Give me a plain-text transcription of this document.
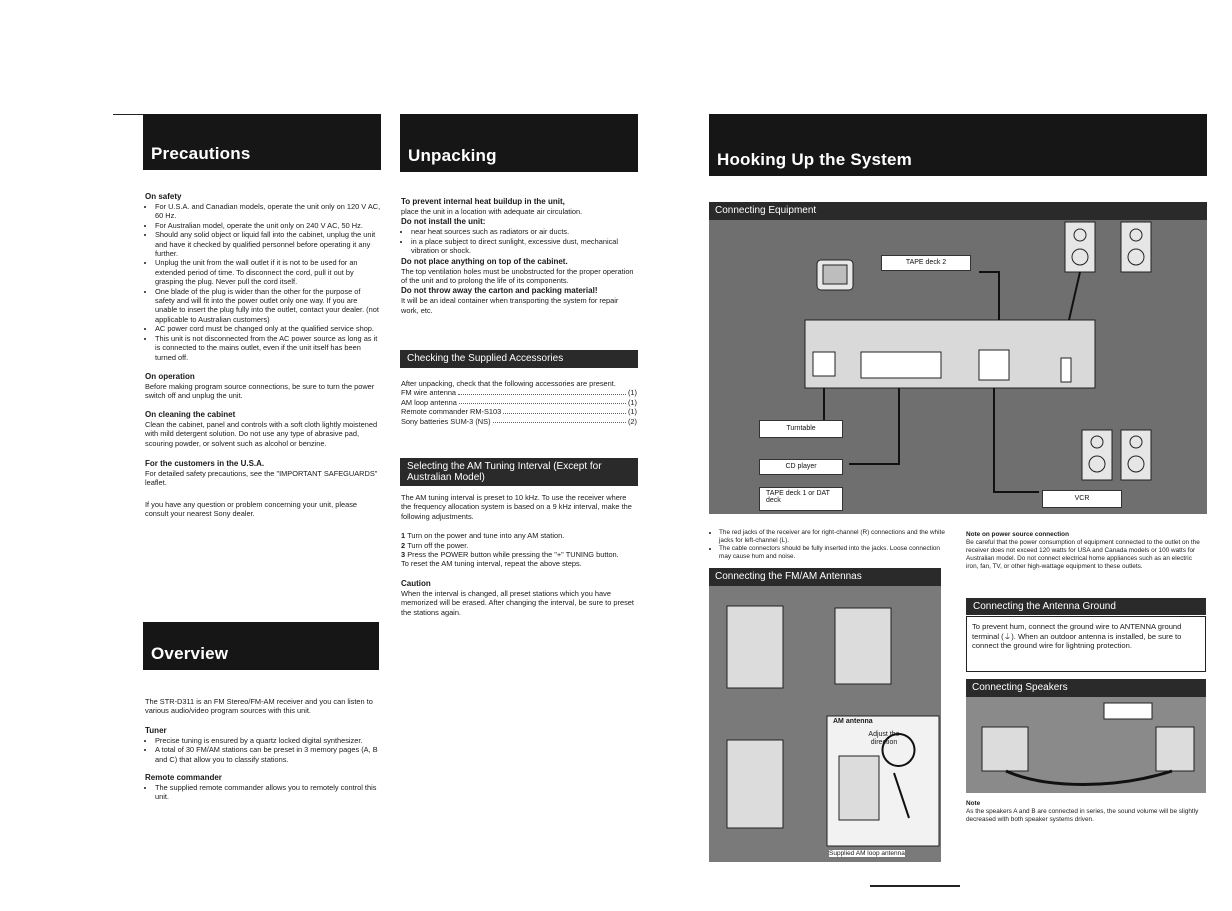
Precautions
On safety
• For U.S.A. and Canadian models, operate the unit only on 120 V AC, 60 Hz.
• For Australian model, operate the unit only on 240 V AC, 50 Hz.
• Should any solid object or liquid fall into the cabinet, unplug the unit and have it checked by qualified personnel before operating it any further.
• Unplug the unit from the wall outlet if it is not to be used for an extended period of time. To disconnect the cord, pull it out by grasping the plug. Never pull the cord itself.
• One blade of the plug is wider than the other for the purpose of safety and will fit into the power outlet only one way. If you are unable to insert the plug fully into the outlet, contact your dealer. (not applicable to Australian customers)
• AC power cord must be changed only at the qualified service shop.
• This unit is not disconnected from the AC power source as long as it is connected to the mains outlet, even if the unit itself has been turned off.
On operation

Before making program source connections, be sure to turn the power switch off and unplug the unit.

On cleaning the cabinet

Clean the cabinet, panel and controls with a soft cloth lightly moistened with mild detergent solution. Do not use any type of abrasive pad, scouring powder, or solvent such as alcohol or benzine.

For the customers in the U.S.A.

For detailed safety precautions, see the "IMPORTANT SAFEGUARDS" leaflet.

If you have any question or problem concerning your unit, please consult your nearest Sony dealer.

Overview

The STR-D311 is an FM Stereo/FM-AM receiver and you can listen to various audio/video program sources with this unit.

Tuner
• Precise tuning is ensured by a quartz locked digital synthesizer.
• A total of 30 FM/AM stations can be preset in 3 memory pages (A, B and C) that allow you to classify stations.
Remote commander
• The supplied remote commander allows you to remotely control this unit.
Unpacking
To prevent internal heat buildup in the unit,

place the unit in a location with adequate air circulation.

Do not install the unit:
• near heat sources such as radiators or air ducts.
• in a place subject to direct sunlight, excessive dust, mechanical vibration or shock.
Do not place anything on top of the cabinet.

The top ventilation holes must be unobstructed for the proper operation of the unit and to prolong the life of its components.

Do not throw away the carton and packing material!

It will be an ideal container when transporting the system for repair work, etc.

Checking the Supplied Accessories

After unpacking, check that the following accessories are present.

FM wire antenna	(1)
AM loop antenna	(1)
Remote commander RM-S103	(1)
Sony batteries SUM-3 (NS)	(2)
Selecting the AM Tuning Interval (Except for Australian Model)

The AM tuning interval is preset to 10 kHz. To use the receiver where the frequency allocation system is based on a 9 kHz interval, make the following adjustments.

1 Turn on the power and tune into any AM station.
2 Turn off the power.
3 Press the POWER button while pressing the "+" TUNING button.

To reset the AM tuning interval, repeat the above steps.

Caution

When the interval is changed, all preset stations which you have memorized will be erased. After changing the interval, be sure to preset the stations again.

Hooking Up the System
Connecting Equipment
TAPE deck 2
Turntable
CD player
TAPE deck 1 or DAT deck	VCR
• The red jacks of the receiver are for right-channel (R) connections and the white jacks for left-channel (L).
• The cable connectors should be fully inserted into the jacks. Loose connection may cause hum and noise.
Note on power source connection
Be careful that the power consumption of equipment connected to the outlet on the receiver does not exceed 120 watts for USA and Canada models or 100 watts for Australian model. Do not connect electrical home appliances such as an electric iron, fan, TV, or other high-wattage equipment to these outlets.
Connecting the FM/AM Antennas
AM antenna
Adjust the direction
Supplied AM loop antenna
Connecting the Antenna Ground

To prevent hum, connect the ground wire to ANTENNA ground terminal (⏚). When an outdoor antenna is installed, be sure to connect the ground wire for lightning protection.

Connecting Speakers
Note
As the speakers A and B are connected in series, the sound volume will be slightly decreased with both speaker systems driven.
